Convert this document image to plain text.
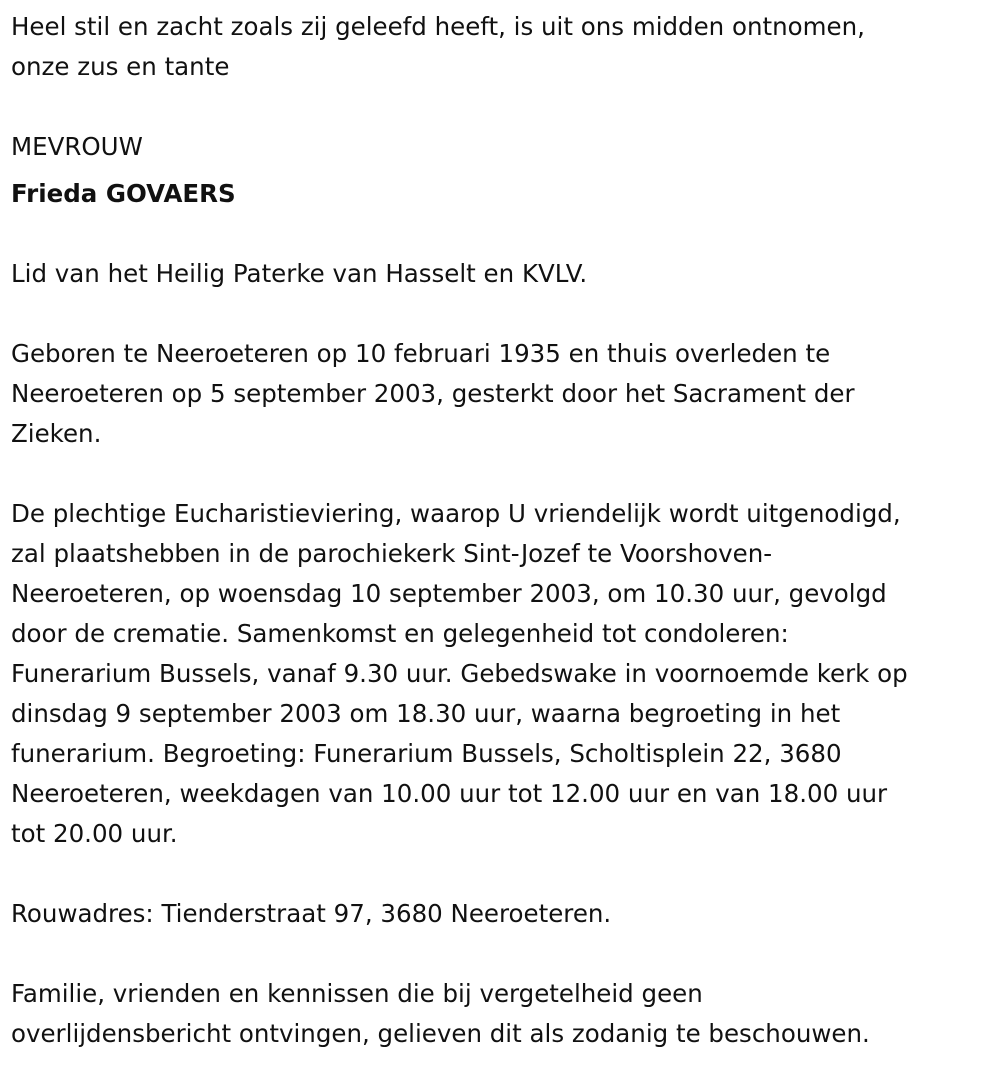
Heel stil en zacht zoals zij geleefd heeft, is uit ons midden ontnomen,
onze zus en tante

MEVROUW

Frieda GOVAERS

Lid van het Heilig Paterke van Hasselt en KVLV.

Geboren te Neeroeteren op 10 februari 1935 en thuis overleden te
Neeroeteren op 5 september 2003, gesterkt door het Sacrament der
Zieken.

De plechtige Eucharistieviering, waarop U vriendelijk wordt uitgenodigd,
zal plaatshebben in de parochiekerk Sint-Jozef te Voorshoven-
Neeroeteren, op woensdag 10 september 2003, om 10.30 uur, gevolgd
door de crematie. Samenkomst en gelegenheid tot condoleren:
Funerarium Bussels, vanaf 9.30 uur. Gebedswake in voornoemde kerk op
dinsdag 9 september 2003 om 18.30 uur, waarna begroeting in het
funerarium. Begroeting: Funerarium Bussels, Scholtisplein 22, 3680
Neeroeteren, weekdagen van 10.00 uur tot 12.00 uur en van 18.00 uur
tot 20.00 uur.

Rouwadres: Tienderstraat 97, 3680 Neeroeteren.

Familie, vrienden en kennissen die bij vergetelheid geen
overlijdensbericht ontvingen, gelieven dit als zodanig te beschouwen.
